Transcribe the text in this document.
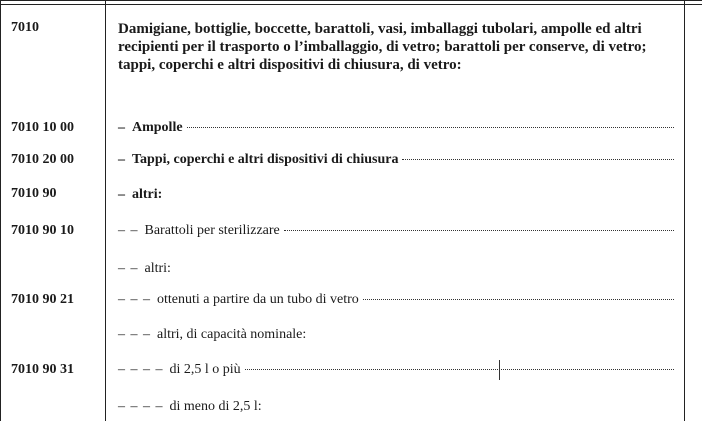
7010	Damigiane, bottiglie, boccette, barattoli, vasi, imballaggi tubolari, ampolle ed altri recipienti per il trasporto o l’imballaggio, di vetro; barattoli per conserve, di vetro; tappi, coperchi e altri dispositivi di chiusura, di vetro:
7010 10 00	– Ampolle
7010 20 00	– Tappi, coperchi e altri dispositivi di chiusura
7010 90	– altri:
7010 90 10	– – Barattoli per sterilizzare
– – altri:
7010 90 21	– – – ottenuti a partire da un tubo di vetro
– – – altri, di capacità nominale:
7010 90 31	– – – – di 2,5 l o più
– – – – di meno di 2,5 l:
